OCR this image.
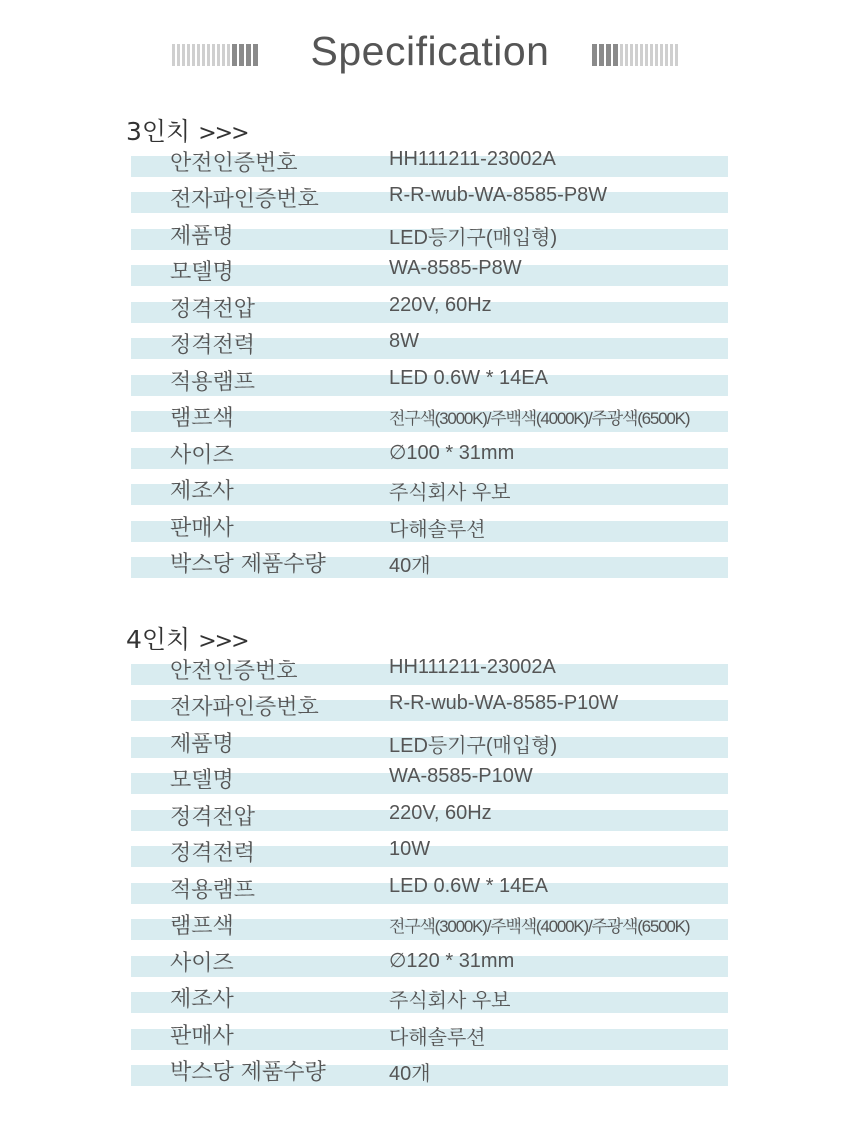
Specification
3인치 >>>
안전인증번호	HH111211-23002A
전자파인증번호	R-R-wub-WA-8585-P8W
제품명	LED등기구(매입형)
모델명	WA-8585-P8W
정격전압	220V, 60Hz
정격전력	8W
적용램프	LED 0.6W * 14EA
램프색	전구색(3000K)/주백색(4000K)/주광색(6500K)
사이즈	∅100 * 31mm
제조사	주식회사 우보
판매사	다해솔루션
박스당 제품수량	40개
4인치 >>>
안전인증번호	HH111211-23002A
전자파인증번호	R-R-wub-WA-8585-P10W
제품명	LED등기구(매입형)
모델명	WA-8585-P10W
정격전압	220V, 60Hz
정격전력	10W
적용램프	LED 0.6W * 14EA
램프색	전구색(3000K)/주백색(4000K)/주광색(6500K)
사이즈	∅120 * 31mm
제조사	주식회사 우보
판매사	다해솔루션
박스당 제품수량	40개
